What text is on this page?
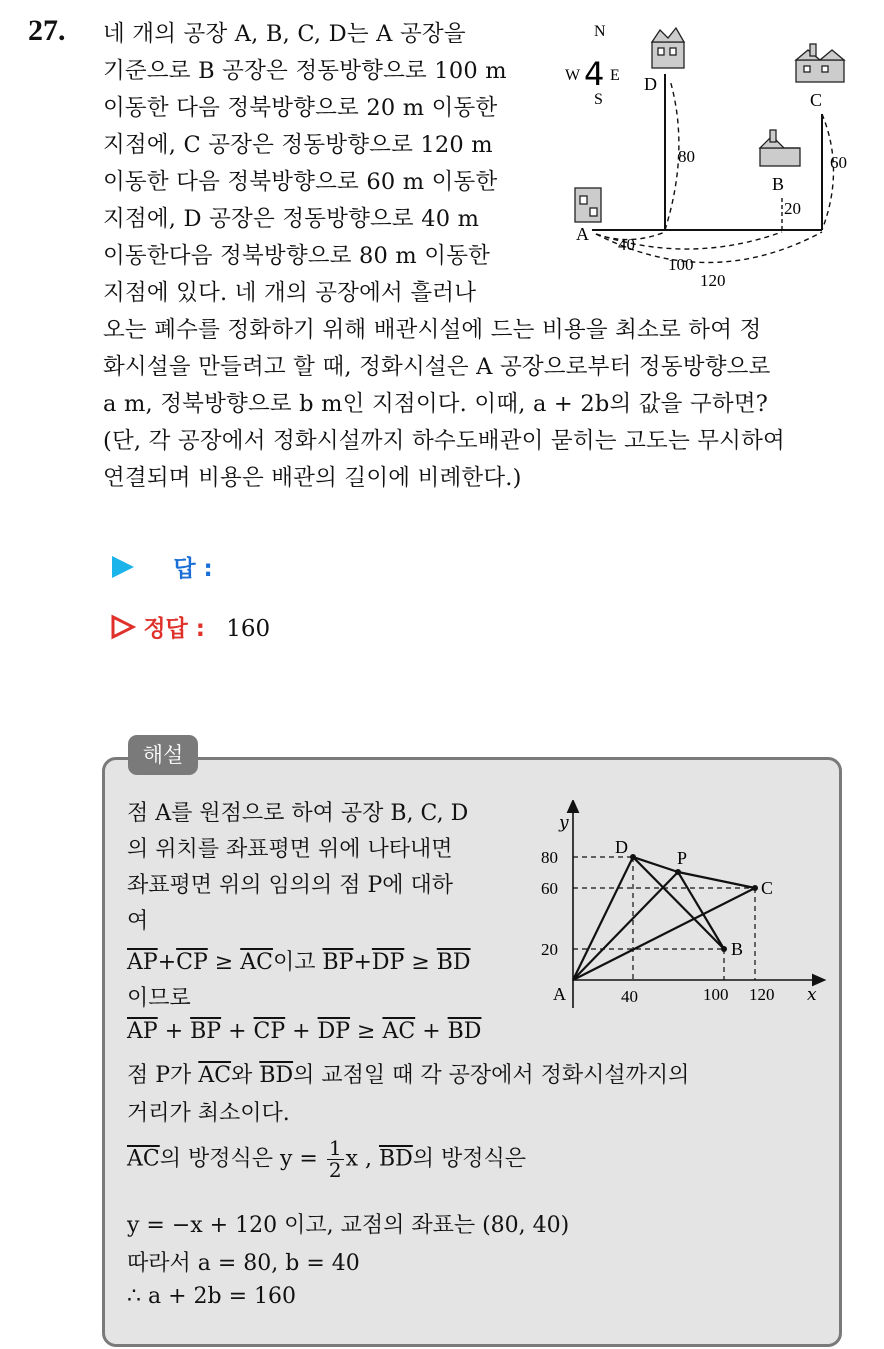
27. 네 개의 공장 A, B, C, D는 A 공장을
기준으로 B 공장은 정동방향으로 100 m
이동한 다음 정북방향으로 20 m 이동한
지점에, C 공장은 정동방향으로 120 m
이동한 다음 정북방향으로 60 m 이동한
지점에, D 공장은 정동방향으로 40 m
이동한다음 정북방향으로 80 m 이동한
지점에 있다. 네 개의 공장에서 흘러나
오는 폐수를 정화하기 위해 배관시설에 드는 비용을 최소로 하여 정
화시설을 만들려고 할 때, 정화시설은 A 공장으로부터 정동방향으로
a m, 정북방향으로 b m인 지점이다. 이때, a + 2b의 값을 구하면?
(단, 각 공장에서 정화시설까지 하수도배관이 묻히는 고도는 무시하여
연결되며 비용은 배관의 길이에 비례한다.)
N
W 4 E
S
A
B
C
D
80	60
20
40
100
120
답 :
정답 : 160
해설
점 A를 원점으로 하여 공장 B, C, D
의 위치를 좌표평면 위에 나타내면
좌표평면 위의 임의의 점 P에 대하
여
$\overline{AP}+\overline{CP} \ge \overline{AC}$이고 $\overline{BP}+\overline{DP} \ge \overline{BD}$
이므로
$\overline{AP} + \overline{BP} + \overline{CP} + \overline{DP} \ge \overline{AC} + \overline{BD}$
점 P가 $\overline{AC}$와 $\overline{BD}$의 교점일 때 각 공장에서 정화시설까지의
거리가 최소이다.
$\overline{AC}$의 방정식은 $y = \frac{1}{2}$ x , $\overline{BD}$의 방정식은
y = −x + 120 이고, 교점의 좌표는 (80, 40)
따라서 a = 80, b = 40
∴ a + 2b = 160
y
x
80
60
20
40	100 120
A
D
P
C
B
